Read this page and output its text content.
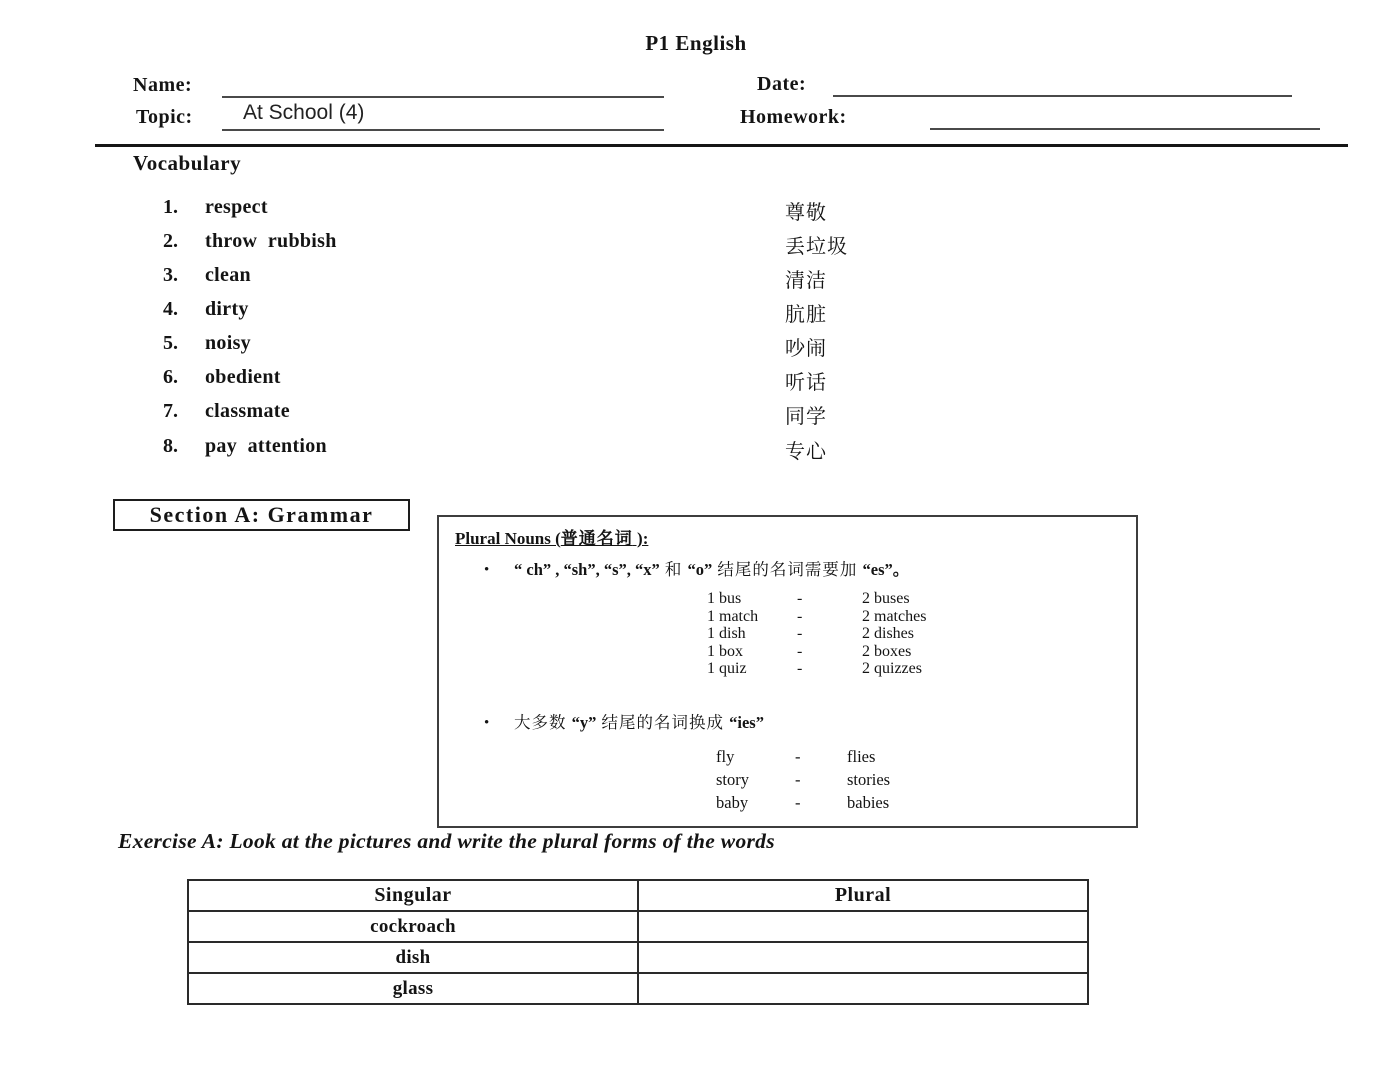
P1 English
Name:	Date:
Topic: At School (4)	Homework:
Vocabulary
1. respect	尊敬
2. throw  rubbish	丢垃圾
3. clean	清洁
4. dirty	肮脏
5. noisy	吵闹
6. obedient	听话
7. classmate	同学
8. pay  attention	专心
Section A: Grammar
Plural Nouns (普通名词 ):
• “ ch” , “sh”, “s”, “x” 和 “o” 结尾的名词需要加 “es”。
1 bus	-	2 buses
1 match	-	2 matches
1 dish	-	2 dishes
1 box	-	2 boxes
1 quiz	-	2 quizzes
• 大多数 “y” 结尾的名词换成 “ies”
fly	-	flies
story	-	stories
baby	-	babies
Exercise A: Look at the pictures and write the plural forms of the words
Singular	Plural
cockroach	
dish	
glass	
